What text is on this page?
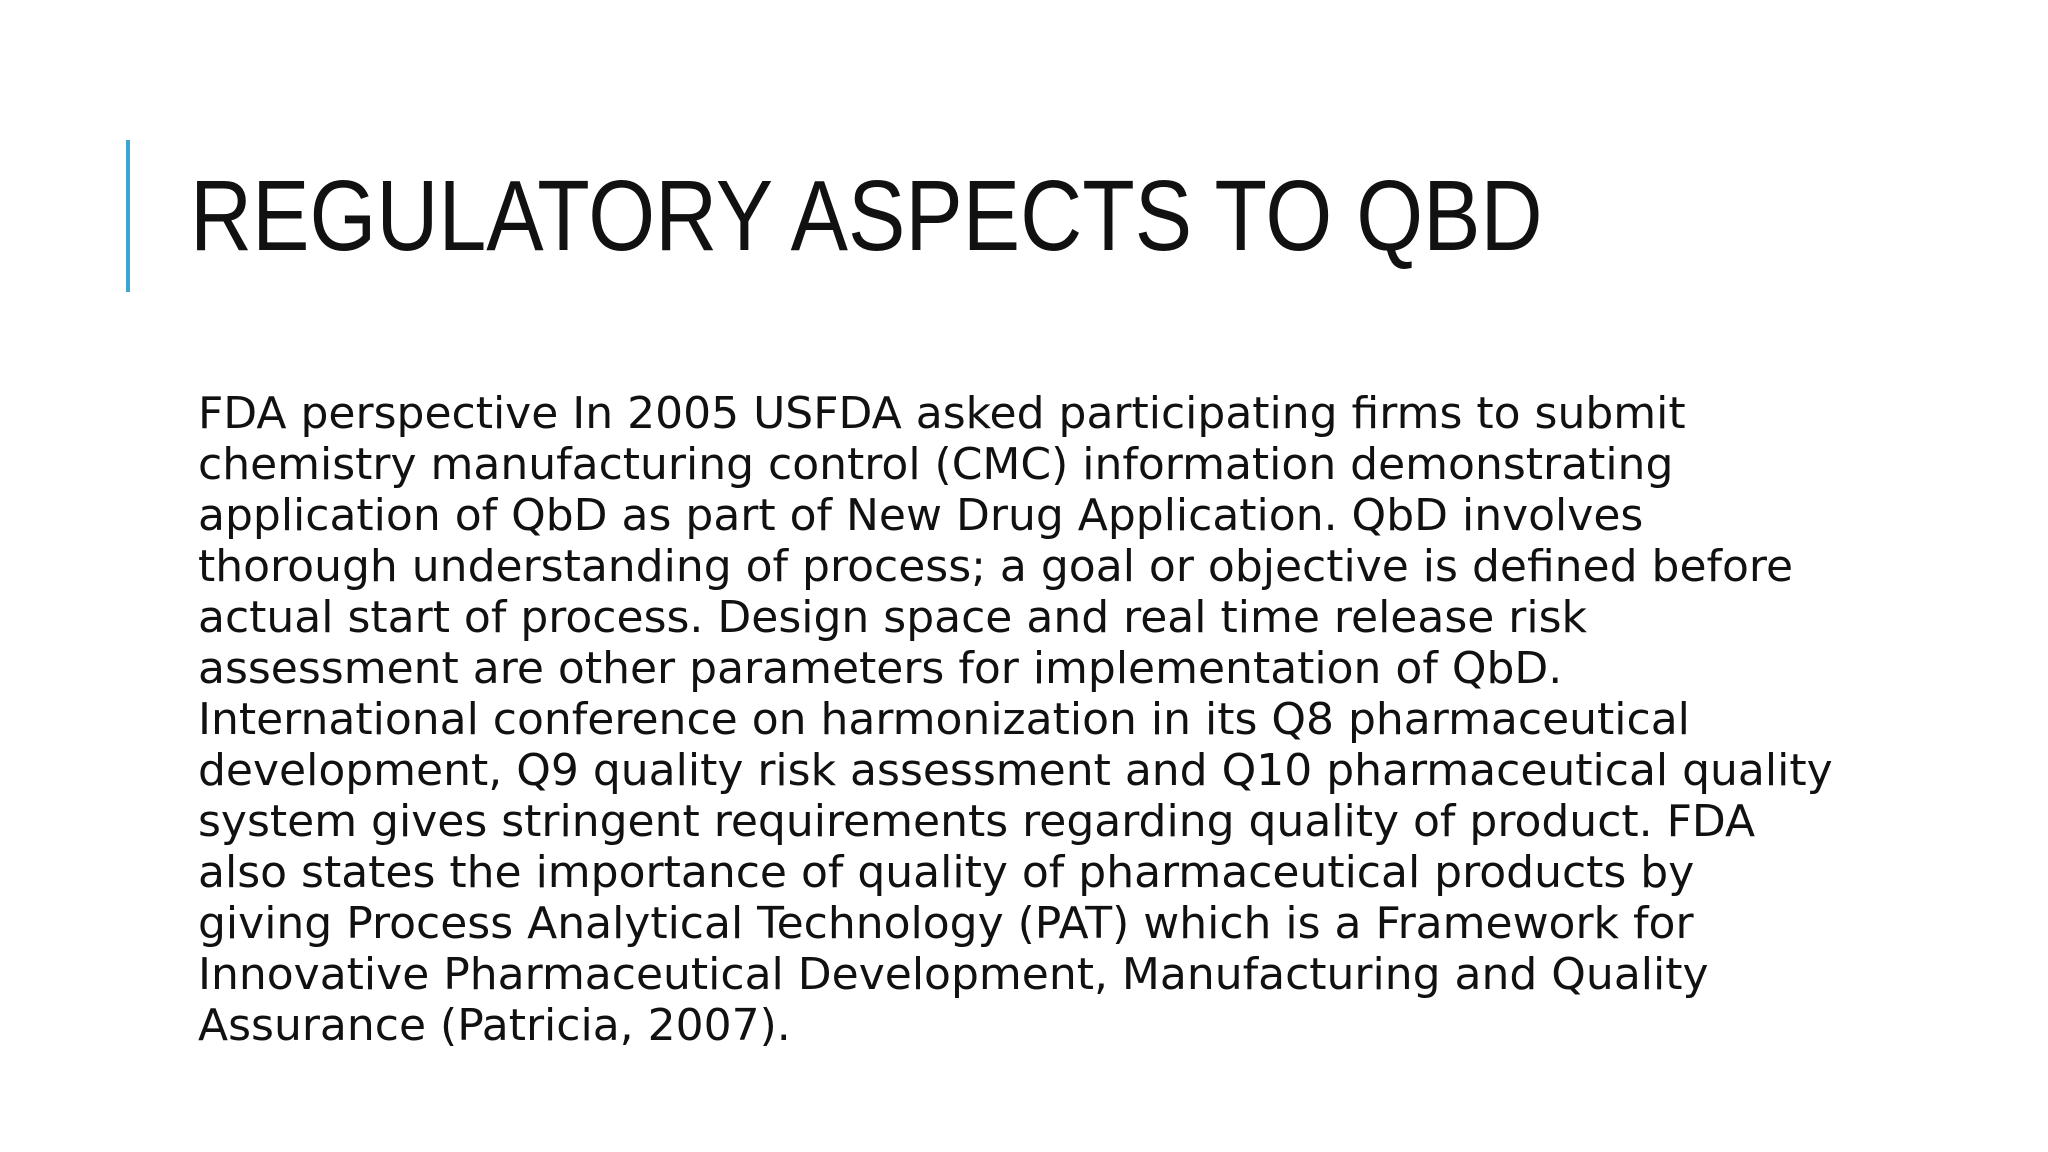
REGULATORY ASPECTS TO QBD

FDA perspective In 2005 USFDA asked participating firms to submit chemistry manufacturing control (CMC) information demonstrating application of QbD as part of New Drug Application. QbD involves thorough understanding of process; a goal or objective is defined before actual start of process. Design space and real time release risk assessment are other parameters for implementation of QbD. International conference on harmonization in its Q8 pharmaceutical development, Q9 quality risk assessment and Q10 pharmaceutical quality system gives stringent requirements regarding quality of product. FDA also states the importance of quality of pharmaceutical products by giving Process Analytical Technology (PAT) which is a Framework for Innovative Pharmaceutical Development, Manufacturing and Quality Assurance (Patricia, 2007).
